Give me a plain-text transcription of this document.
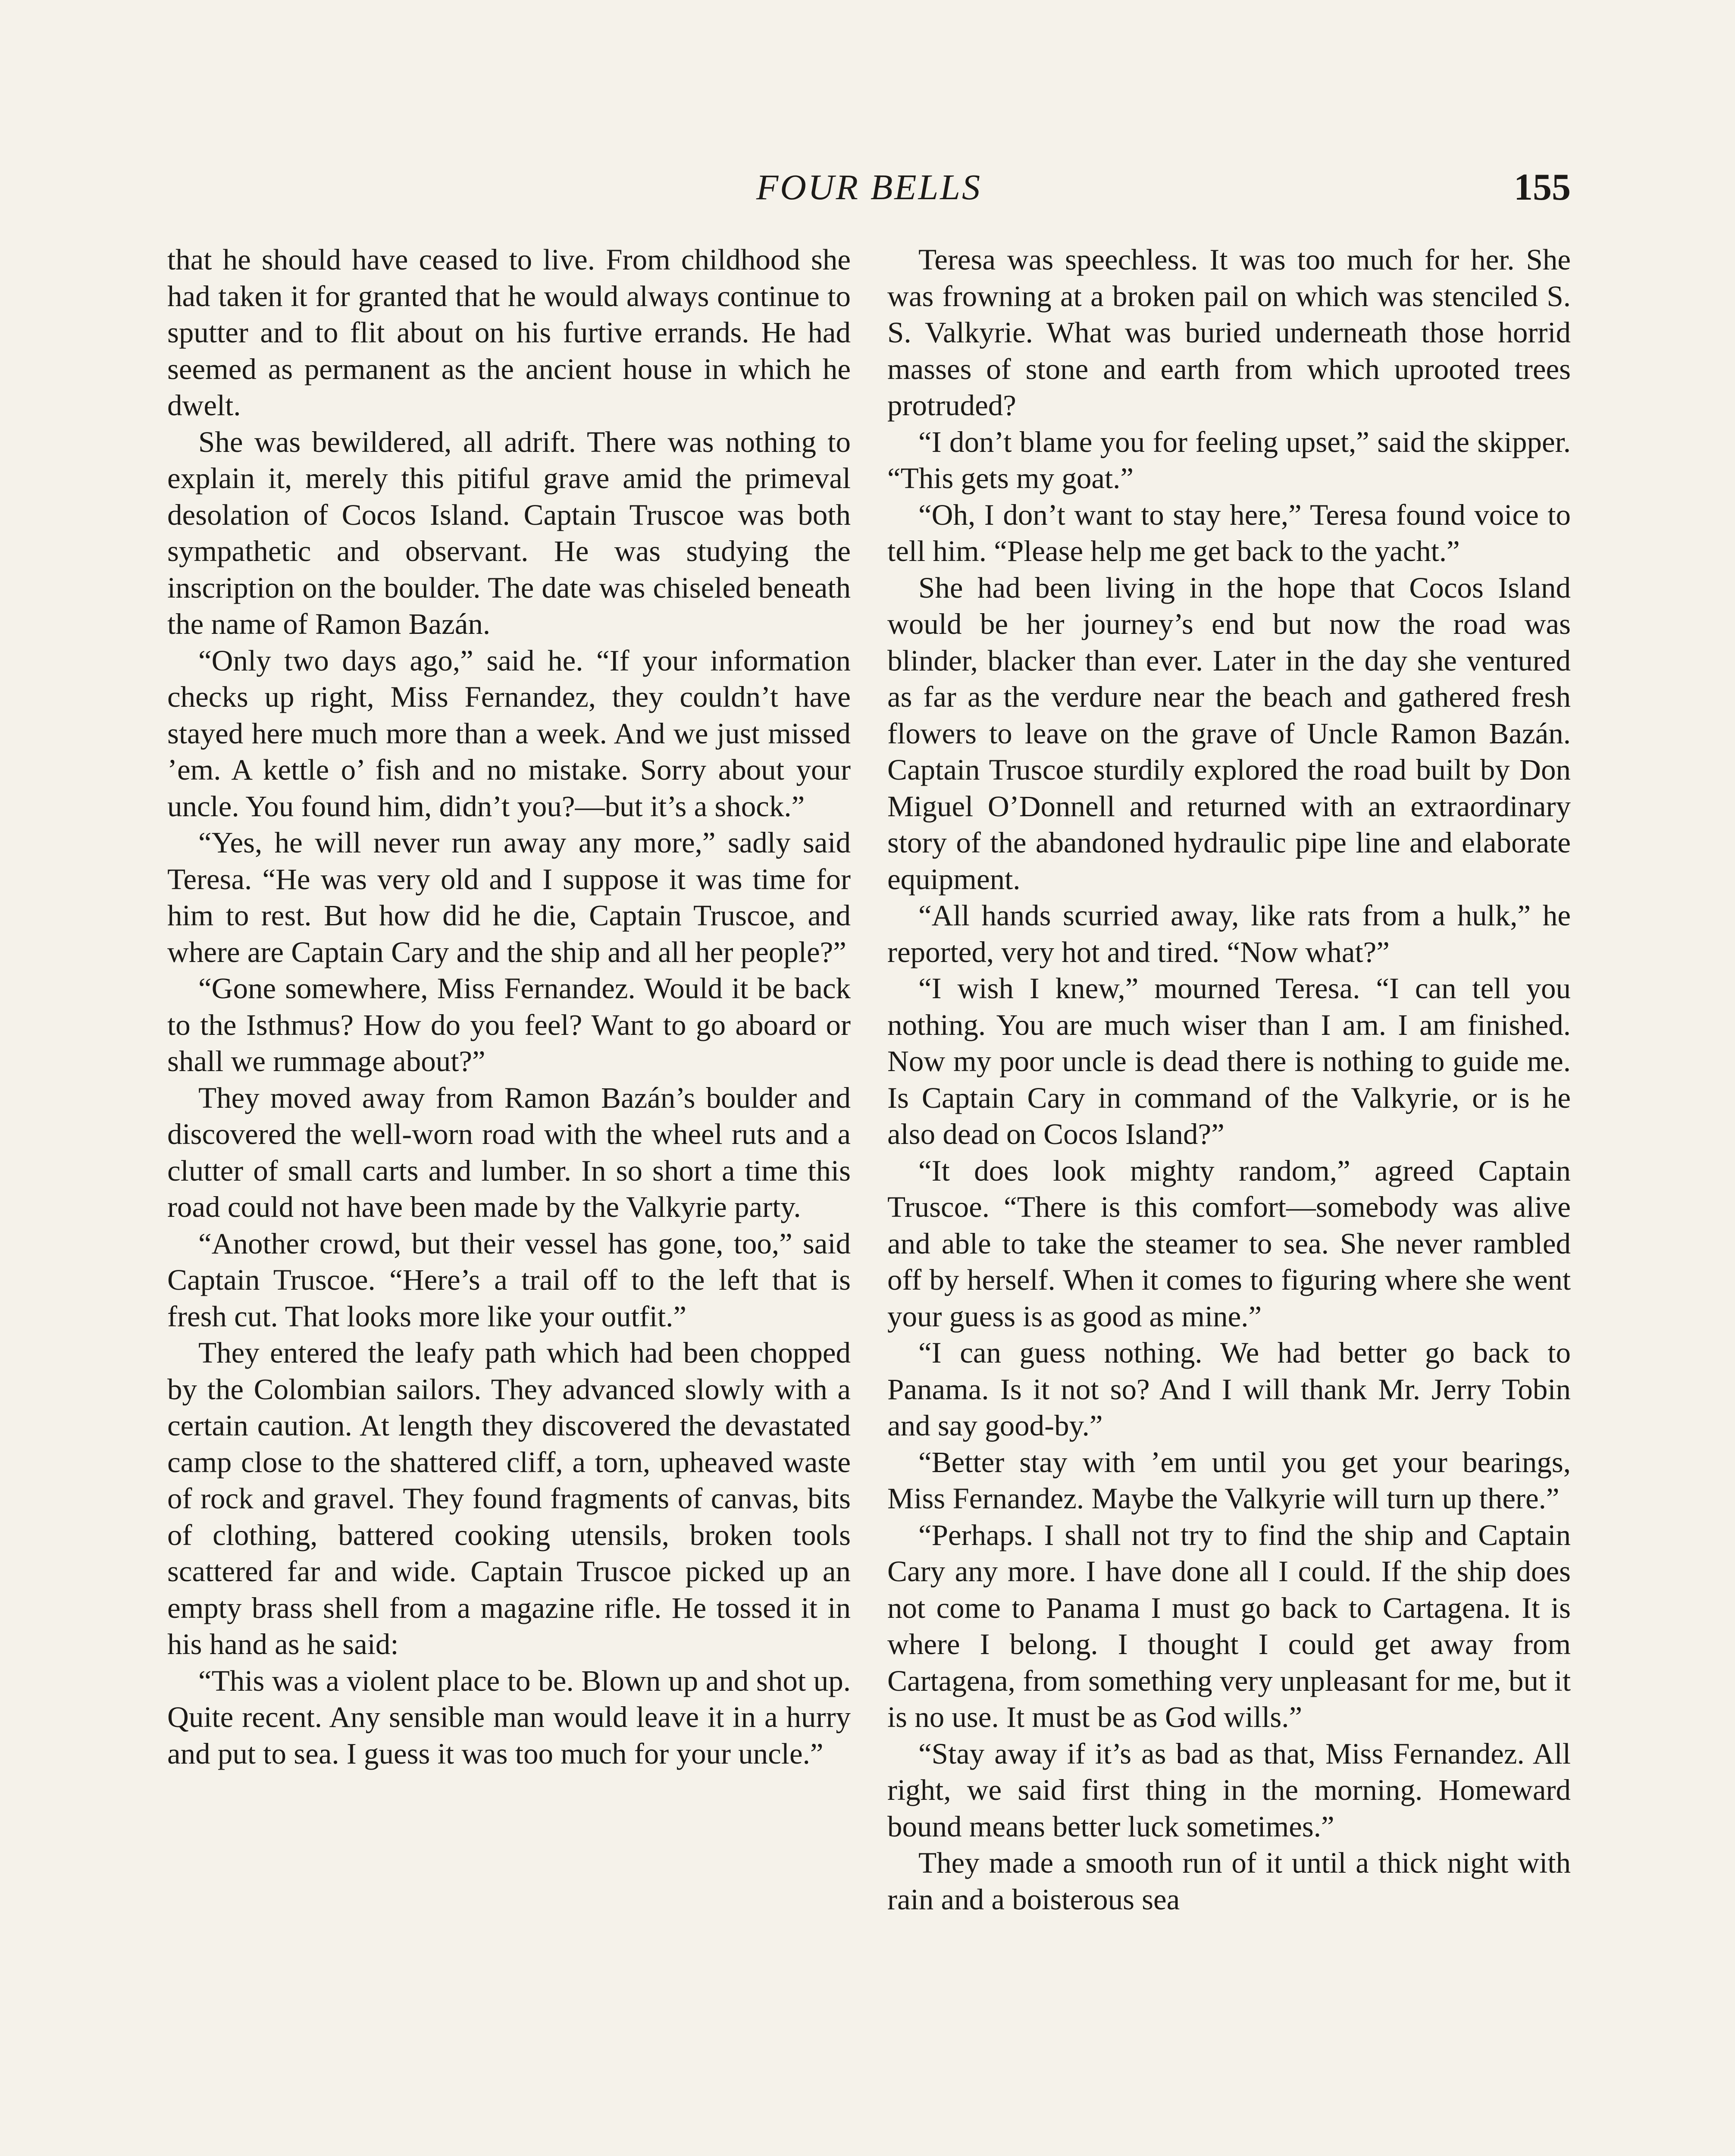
FOUR BELLS	155

that he should have ceased to live. From childhood she had taken it for granted that he would always continue to sputter and to flit about on his furtive errands. He had seemed as permanent as the ancient house in which he dwelt.

She was bewildered, all adrift. There was nothing to explain it, merely this pitiful grave amid the primeval desolation of Cocos Island. Captain Truscoe was both sympathetic and observant. He was studying the inscription on the boulder. The date was chiseled beneath the name of Ramon Bazán.

“Only two days ago,” said he. “If your information checks up right, Miss Fernandez, they couldn’t have stayed here much more than a week. And we just missed ’em. A kettle o’ fish and no mistake. Sorry about your uncle. You found him, didn’t you?—but it’s a shock.”

“Yes, he will never run away any more,” sadly said Teresa. “He was very old and I suppose it was time for him to rest. But how did he die, Captain Truscoe, and where are Captain Cary and the ship and all her people?”

“Gone somewhere, Miss Fernandez. Would it be back to the Isthmus? How do you feel? Want to go aboard or shall we rummage about?”

They moved away from Ramon Bazán’s boulder and discovered the well-worn road with the wheel ruts and a clutter of small carts and lumber. In so short a time this road could not have been made by the Valkyrie party.

“Another crowd, but their vessel has gone, too,” said Captain Truscoe. “Here’s a trail off to the left that is fresh cut. That looks more like your outfit.”

They entered the leafy path which had been chopped by the Colombian sailors. They advanced slowly with a certain caution. At length they discovered the devastated camp close to the shattered cliff, a torn, upheaved waste of rock and gravel. They found fragments of canvas, bits of clothing, battered cooking utensils, broken tools scattered far and wide. Captain Truscoe picked up an empty brass shell from a magazine rifle. He tossed it in his hand as he said:

“This was a violent place to be. Blown up and shot up. Quite recent. Any sensible man would leave it in a hurry and put to sea. I guess it was too much for your uncle.”

Teresa was speechless. It was too much for her. She was frowning at a broken pail on which was stenciled S. S. Valkyrie. What was buried underneath those horrid masses of stone and earth from which uprooted trees protruded?

“I don’t blame you for feeling upset,” said the skipper. “This gets my goat.”

“Oh, I don’t want to stay here,” Teresa found voice to tell him. “Please help me get back to the yacht.”

She had been living in the hope that Cocos Island would be her journey’s end but now the road was blinder, blacker than ever. Later in the day she ventured as far as the verdure near the beach and gathered fresh flowers to leave on the grave of Uncle Ramon Bazán. Captain Truscoe sturdily explored the road built by Don Miguel O’Donnell and returned with an extraordinary story of the abandoned hydraulic pipe line and elaborate equipment.

“All hands scurried away, like rats from a hulk,” he reported, very hot and tired. “Now what?”

“I wish I knew,” mourned Teresa. “I can tell you nothing. You are much wiser than I am. I am finished. Now my poor uncle is dead there is nothing to guide me. Is Captain Cary in command of the Valkyrie, or is he also dead on Cocos Island?”

“It does look mighty random,” agreed Captain Truscoe. “There is this comfort—somebody was alive and able to take the steamer to sea. She never rambled off by herself. When it comes to figuring where she went your guess is as good as mine.”

“I can guess nothing. We had better go back to Panama. Is it not so? And I will thank Mr. Jerry Tobin and say good-by.”

“Better stay with ’em until you get your bearings, Miss Fernandez. Maybe the Valkyrie will turn up there.”

“Perhaps. I shall not try to find the ship and Captain Cary any more. I have done all I could. If the ship does not come to Panama I must go back to Cartagena. It is where I belong. I thought I could get away from Cartagena, from something very unpleasant for me, but it is no use. It must be as God wills.”

“Stay away if it’s as bad as that, Miss Fernandez. All right, we said first thing in the morning. Homeward bound means better luck sometimes.”

They made a smooth run of it until a thick night with rain and a boisterous sea
